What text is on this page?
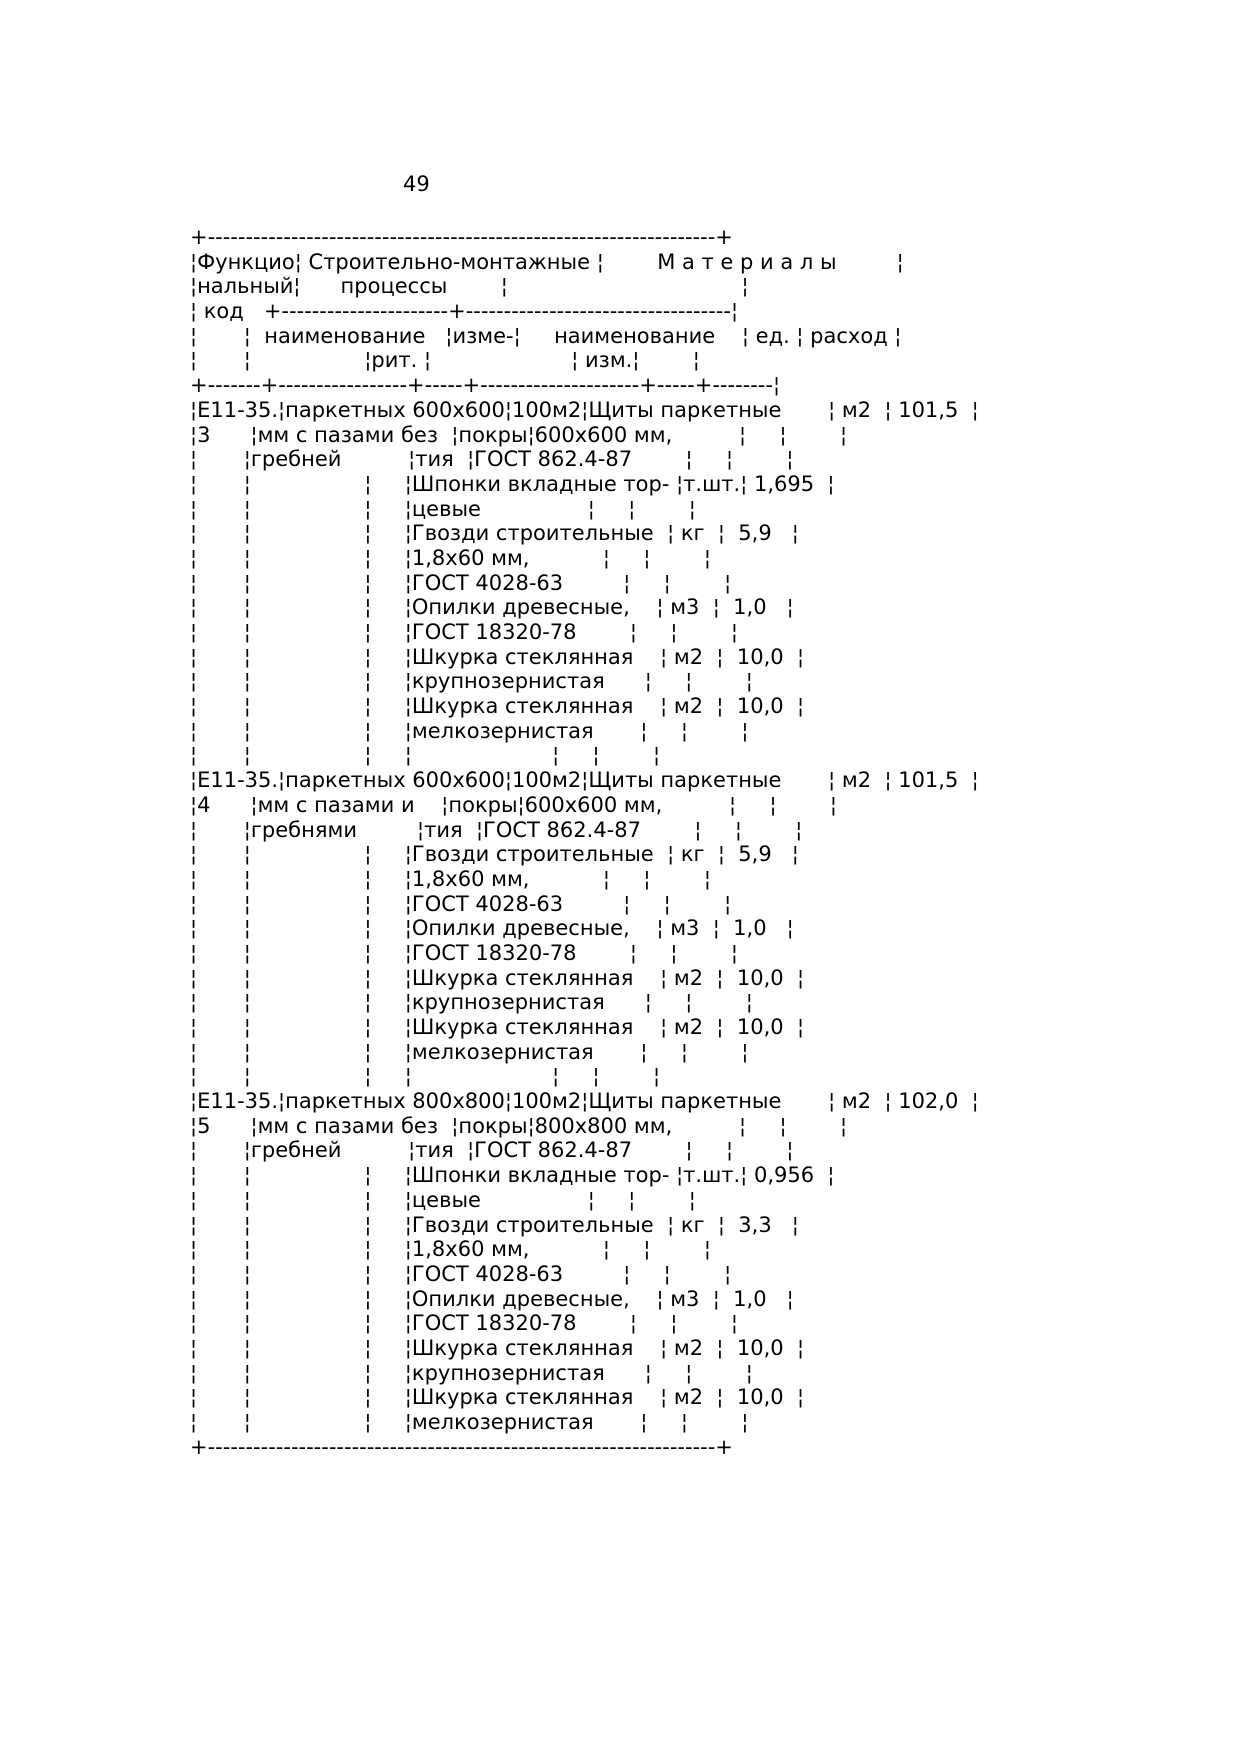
49
+-------------------------------------------------------------------+
¦Функцио¦ Строительно-монтажные ¦        М а т е р и а л ы         ¦
¦нальный¦      процессы        ¦                                   ¦
¦ код   +----------------------+-----------------------------------¦
¦       ¦  наименование   ¦изме-¦     наименование    ¦ ед. ¦ расход ¦
¦       ¦                 ¦рит. ¦                     ¦ изм.¦        ¦
+-------+-----------------+-----+---------------------+-----+--------¦
¦Е11-35.¦паркетных 600х600¦100м2¦Щиты паркетные       ¦ м2  ¦ 101,5  ¦
¦3      ¦мм с пазами без  ¦покры¦600х600 мм,          ¦     ¦        ¦
¦       ¦гребней          ¦тия  ¦ГОСТ 862.4-87        ¦     ¦        ¦
¦       ¦                 ¦     ¦Шпонки вкладные тор- ¦т.шт.¦ 1,695  ¦
¦       ¦                 ¦     ¦цевые                ¦     ¦        ¦
¦       ¦                 ¦     ¦Гвозди строительные  ¦ кг  ¦  5,9   ¦
¦       ¦                 ¦     ¦1,8х60 мм,           ¦     ¦        ¦
¦       ¦                 ¦     ¦ГОСТ 4028-63         ¦     ¦        ¦
¦       ¦                 ¦     ¦Опилки древесные,    ¦ м3  ¦  1,0   ¦
¦       ¦                 ¦     ¦ГОСТ 18320-78        ¦     ¦        ¦
¦       ¦                 ¦     ¦Шкурка стеклянная    ¦ м2  ¦  10,0  ¦
¦       ¦                 ¦     ¦крупнозернистая      ¦     ¦        ¦
¦       ¦                 ¦     ¦Шкурка стеклянная    ¦ м2  ¦  10,0  ¦
¦       ¦                 ¦     ¦мелкозернистая       ¦     ¦        ¦
¦       ¦                 ¦     ¦                     ¦     ¦        ¦
¦Е11-35.¦паркетных 600х600¦100м2¦Щиты паркетные       ¦ м2  ¦ 101,5  ¦
¦4      ¦мм с пазами и    ¦покры¦600х600 мм,          ¦     ¦        ¦
¦       ¦гребнями         ¦тия  ¦ГОСТ 862.4-87        ¦     ¦        ¦
¦       ¦                 ¦     ¦Гвозди строительные  ¦ кг  ¦  5,9   ¦
¦       ¦                 ¦     ¦1,8х60 мм,           ¦     ¦        ¦
¦       ¦                 ¦     ¦ГОСТ 4028-63         ¦     ¦        ¦
¦       ¦                 ¦     ¦Опилки древесные,    ¦ м3  ¦  1,0   ¦
¦       ¦                 ¦     ¦ГОСТ 18320-78        ¦     ¦        ¦
¦       ¦                 ¦     ¦Шкурка стеклянная    ¦ м2  ¦  10,0  ¦
¦       ¦                 ¦     ¦крупнозернистая      ¦     ¦        ¦
¦       ¦                 ¦     ¦Шкурка стеклянная    ¦ м2  ¦  10,0  ¦
¦       ¦                 ¦     ¦мелкозернистая       ¦     ¦        ¦
¦       ¦                 ¦     ¦                     ¦     ¦        ¦
¦Е11-35.¦паркетных 800х800¦100м2¦Щиты паркетные       ¦ м2  ¦ 102,0  ¦
¦5      ¦мм с пазами без  ¦покры¦800х800 мм,          ¦     ¦        ¦
¦       ¦гребней          ¦тия  ¦ГОСТ 862.4-87        ¦     ¦        ¦
¦       ¦                 ¦     ¦Шпонки вкладные тор- ¦т.шт.¦ 0,956  ¦
¦       ¦                 ¦     ¦цевые                ¦     ¦        ¦
¦       ¦                 ¦     ¦Гвозди строительные  ¦ кг  ¦  3,3   ¦
¦       ¦                 ¦     ¦1,8х60 мм,           ¦     ¦        ¦
¦       ¦                 ¦     ¦ГОСТ 4028-63         ¦     ¦        ¦
¦       ¦                 ¦     ¦Опилки древесные,    ¦ м3  ¦  1,0   ¦
¦       ¦                 ¦     ¦ГОСТ 18320-78        ¦     ¦        ¦
¦       ¦                 ¦     ¦Шкурка стеклянная    ¦ м2  ¦  10,0  ¦
¦       ¦                 ¦     ¦крупнозернистая      ¦     ¦        ¦
¦       ¦                 ¦     ¦Шкурка стеклянная    ¦ м2  ¦  10,0  ¦
¦       ¦                 ¦     ¦мелкозернистая       ¦     ¦        ¦
+-------------------------------------------------------------------+
